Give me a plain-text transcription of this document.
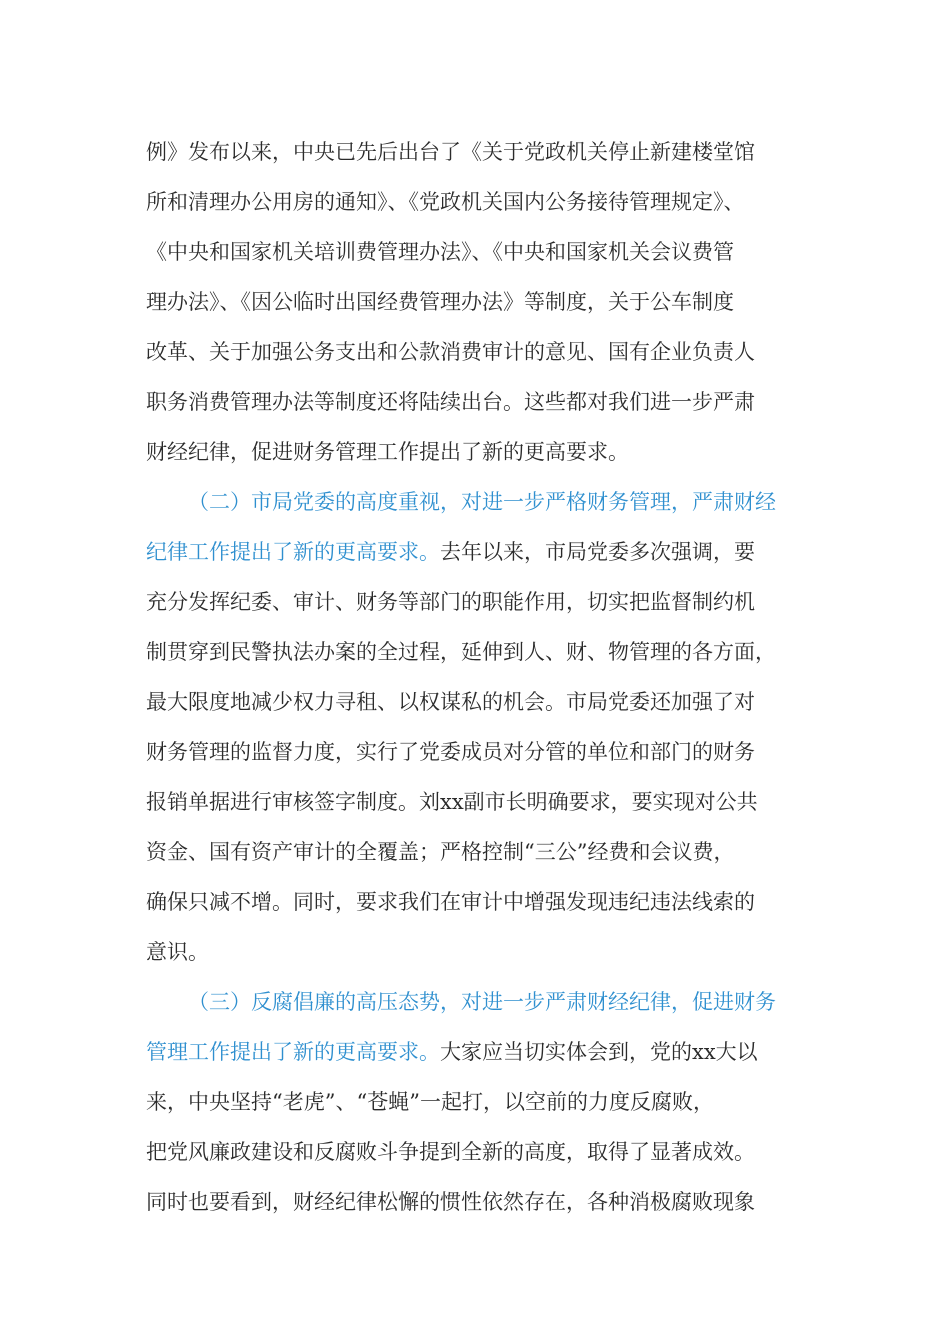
例》发布以来，中央已先后出台了《关于党政机关停止新建楼堂馆
所和清理办公用房的通知》、《党政机关国内公务接待管理规定》、
《中央和国家机关培训费管理办法》、《中央和国家机关会议费管
理办法》、《因公临时出国经费管理办法》等制度，关于公车制度
改革、关于加强公务支出和公款消费审计的意见、国有企业负责人
职务消费管理办法等制度还将陆续出台。这些都对我们进一步严肃
财经纪律，促进财务管理工作提出了新的更高要求。
（二）市局党委的高度重视，对进一步严格财务管理，严肃财经
纪律工作提出了新的更高要求。去年以来，市局党委多次强调，要
充分发挥纪委、审计、财务等部门的职能作用，切实把监督制约机
制贯穿到民警执法办案的全过程，延伸到人、财、物管理的各方面，
最大限度地减少权力寻租、以权谋私的机会。市局党委还加强了对
财务管理的监督力度，实行了党委成员对分管的单位和部门的财务
报销单据进行审核签字制度。刘xx副市长明确要求，要实现对公共
资金、国有资产审计的全覆盖；严格控制“三公”经费和会议费，
确保只减不增。同时，要求我们在审计中增强发现违纪违法线索的
意识。
（三）反腐倡廉的高压态势，对进一步严肃财经纪律，促进财务
管理工作提出了新的更高要求。大家应当切实体会到，党的xx大以
来，中央坚持“老虎”、“苍蝇”一起打，以空前的力度反腐败，
把党风廉政建设和反腐败斗争提到全新的高度，取得了显著成效。
同时也要看到，财经纪律松懈的惯性依然存在，各种消极腐败现象
